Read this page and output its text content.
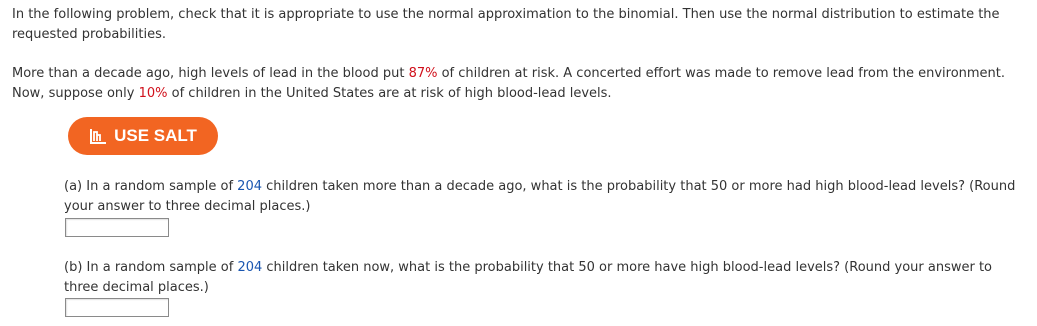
In the following problem, check that it is appropriate to use the normal approximation to the binomial. Then use the normal distribution to estimate the requested probabilities.

More than a decade ago, high levels of lead in the blood put 87% of children at risk. A concerted effort was made to remove lead from the environment. Now, suppose only 10% of children in the United States are at risk of high blood-lead levels.

USE SALT

(a) In a random sample of 204 children taken more than a decade ago, what is the probability that 50 or more had high blood-lead levels? (Round your answer to three decimal places.)

(b) In a random sample of 204 children taken now, what is the probability that 50 or more have high blood-lead levels? (Round your answer to three decimal places.)
